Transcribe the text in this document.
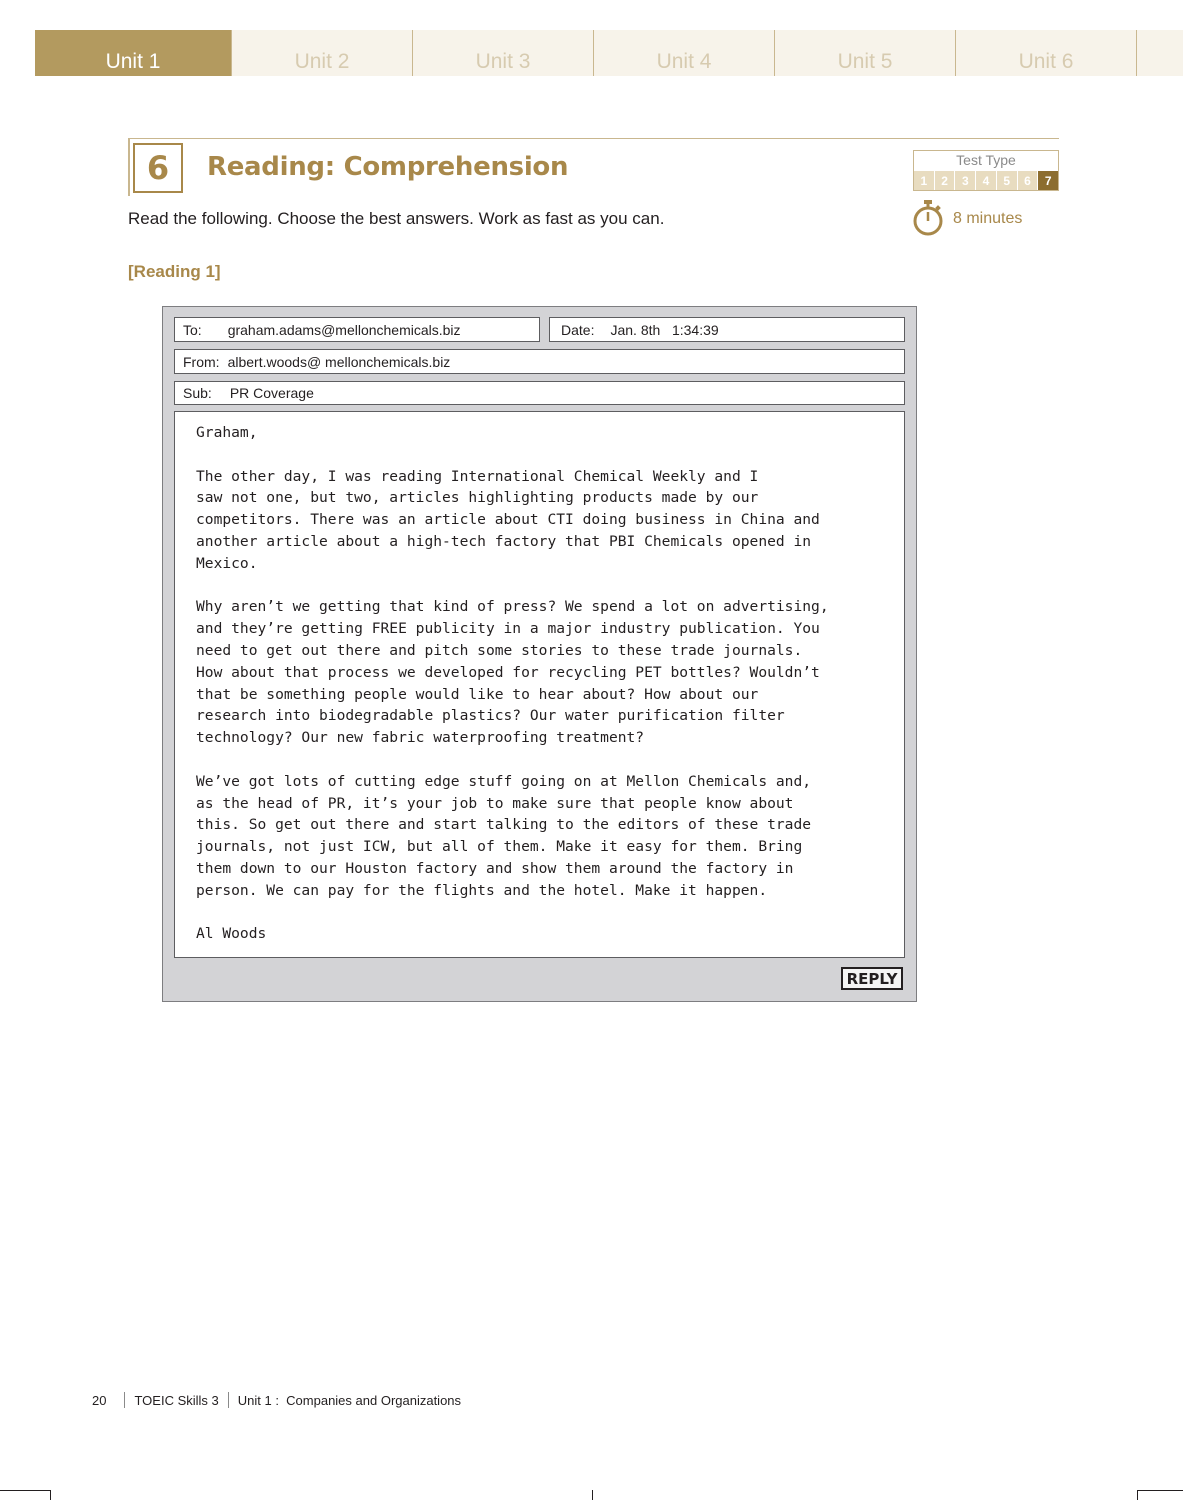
Unit 1	Unit 2	Unit 3	Unit 4	Unit 5	Unit 6
6	Reading: Comprehension
Read the following. Choose the best answers. Work as fast as you can.
[Reading 1]
Test Type
1	2	3	4	5	6	7
8 minutes
To:	graham.adams@mellonchemicals.biz	Date:	Jan. 8th   1:34:39
From: albert.woods@ mellonchemicals.biz
Sub:	PR Coverage
Graham,
The other day, I was reading International Chemical Weekly and I
saw not one, but two, articles highlighting products made by our
competitors. There was an article about CTI doing business in China and
another article about a high-tech factory that PBI Chemicals opened in
Mexico.
Why aren’t we getting that kind of press? We spend a lot on advertising,
and they’re getting FREE publicity in a major industry publication. You
need to get out there and pitch some stories to these trade journals.
How about that process we developed for recycling PET bottles? Wouldn’t
that be something people would like to hear about? How about our
research into biodegradable plastics? Our water purification filter
technology? Our new fabric waterproofing treatment?
We’ve got lots of cutting edge stuff going on at Mellon Chemicals and,
as the head of PR, it’s your job to make sure that people know about
this. So get out there and start talking to the editors of these trade
journals, not just ICW, but all of them. Make it easy for them. Bring
them down to our Houston factory and show them around the factory in
person. We can pay for the flights and the hotel. Make it happen.
Al Woods
REPLY
20 TOEIC Skills 3 Unit 1 :  Companies and Organizations
